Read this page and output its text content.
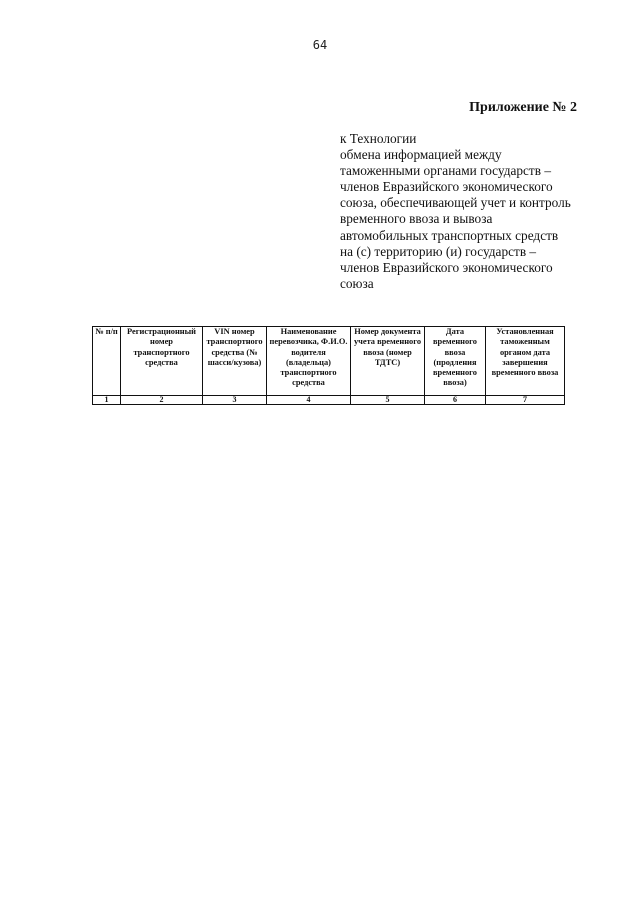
64
Приложение № 2
к Технологии
обмена информацией между
таможенными органами государств –
членов Евразийского экономического
союза, обеспечивающей учет и контроль
временного ввоза и вывоза
автомобильных транспортных средств
на (с) территорию (и) государств –
членов Евразийского экономического
союза
№ п/п	Регистрационный номер транспортного средства	VIN номер транспортного средства (№ шасси/кузова)	Наименование перевозчика, Ф.И.О. водителя (владельца) транспортного средства	Номер документа учета временного ввоза (номер ТДТС)	Дата временного ввоза (продления временного ввоза)	Установленная таможенным органом дата завершения временного ввоза
1	2	3	4	5	6	7
